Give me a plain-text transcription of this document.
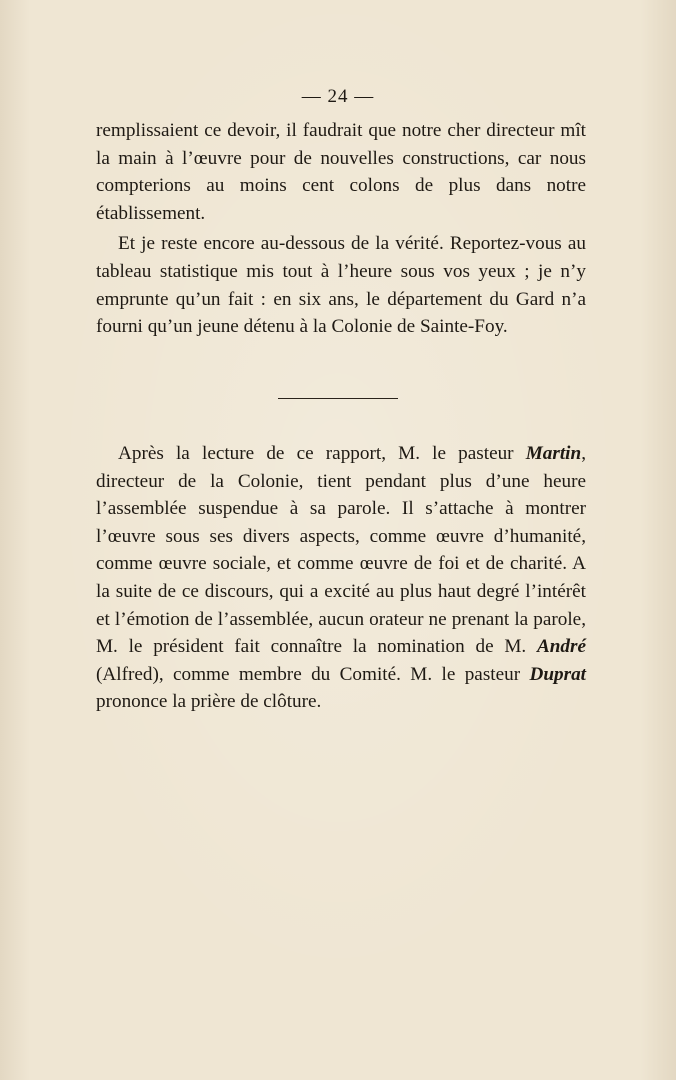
— 24 —

remplissaient ce devoir, il faudrait que notre cher directeur mît la main à l’œuvre pour de nouvelles constructions, car nous compterions au moins cent colons de plus dans notre établissement.

Et je reste encore au-dessous de la vérité. Reportez-vous au tableau statistique mis tout à l’heure sous vos yeux ; je n’y emprunte qu’un fait : en six ans, le département du Gard n’a fourni qu’un jeune détenu à la Colonie de Sainte-Foy.

Après la lecture de ce rapport, M. le pasteur Martin, directeur de la Colonie, tient pendant plus d’une heure l’assemblée suspendue à sa parole. Il s’attache à montrer l’œuvre sous ses divers aspects, comme œuvre d’humanité, comme œuvre sociale, et comme œuvre de foi et de charité. A la suite de ce discours, qui a excité au plus haut degré l’intérêt et l’émotion de l’assemblée, aucun orateur ne prenant la parole, M. le président fait connaître la nomination de M. André (Alfred), comme membre du Comité. M. le pasteur Duprat prononce la prière de clôture.
